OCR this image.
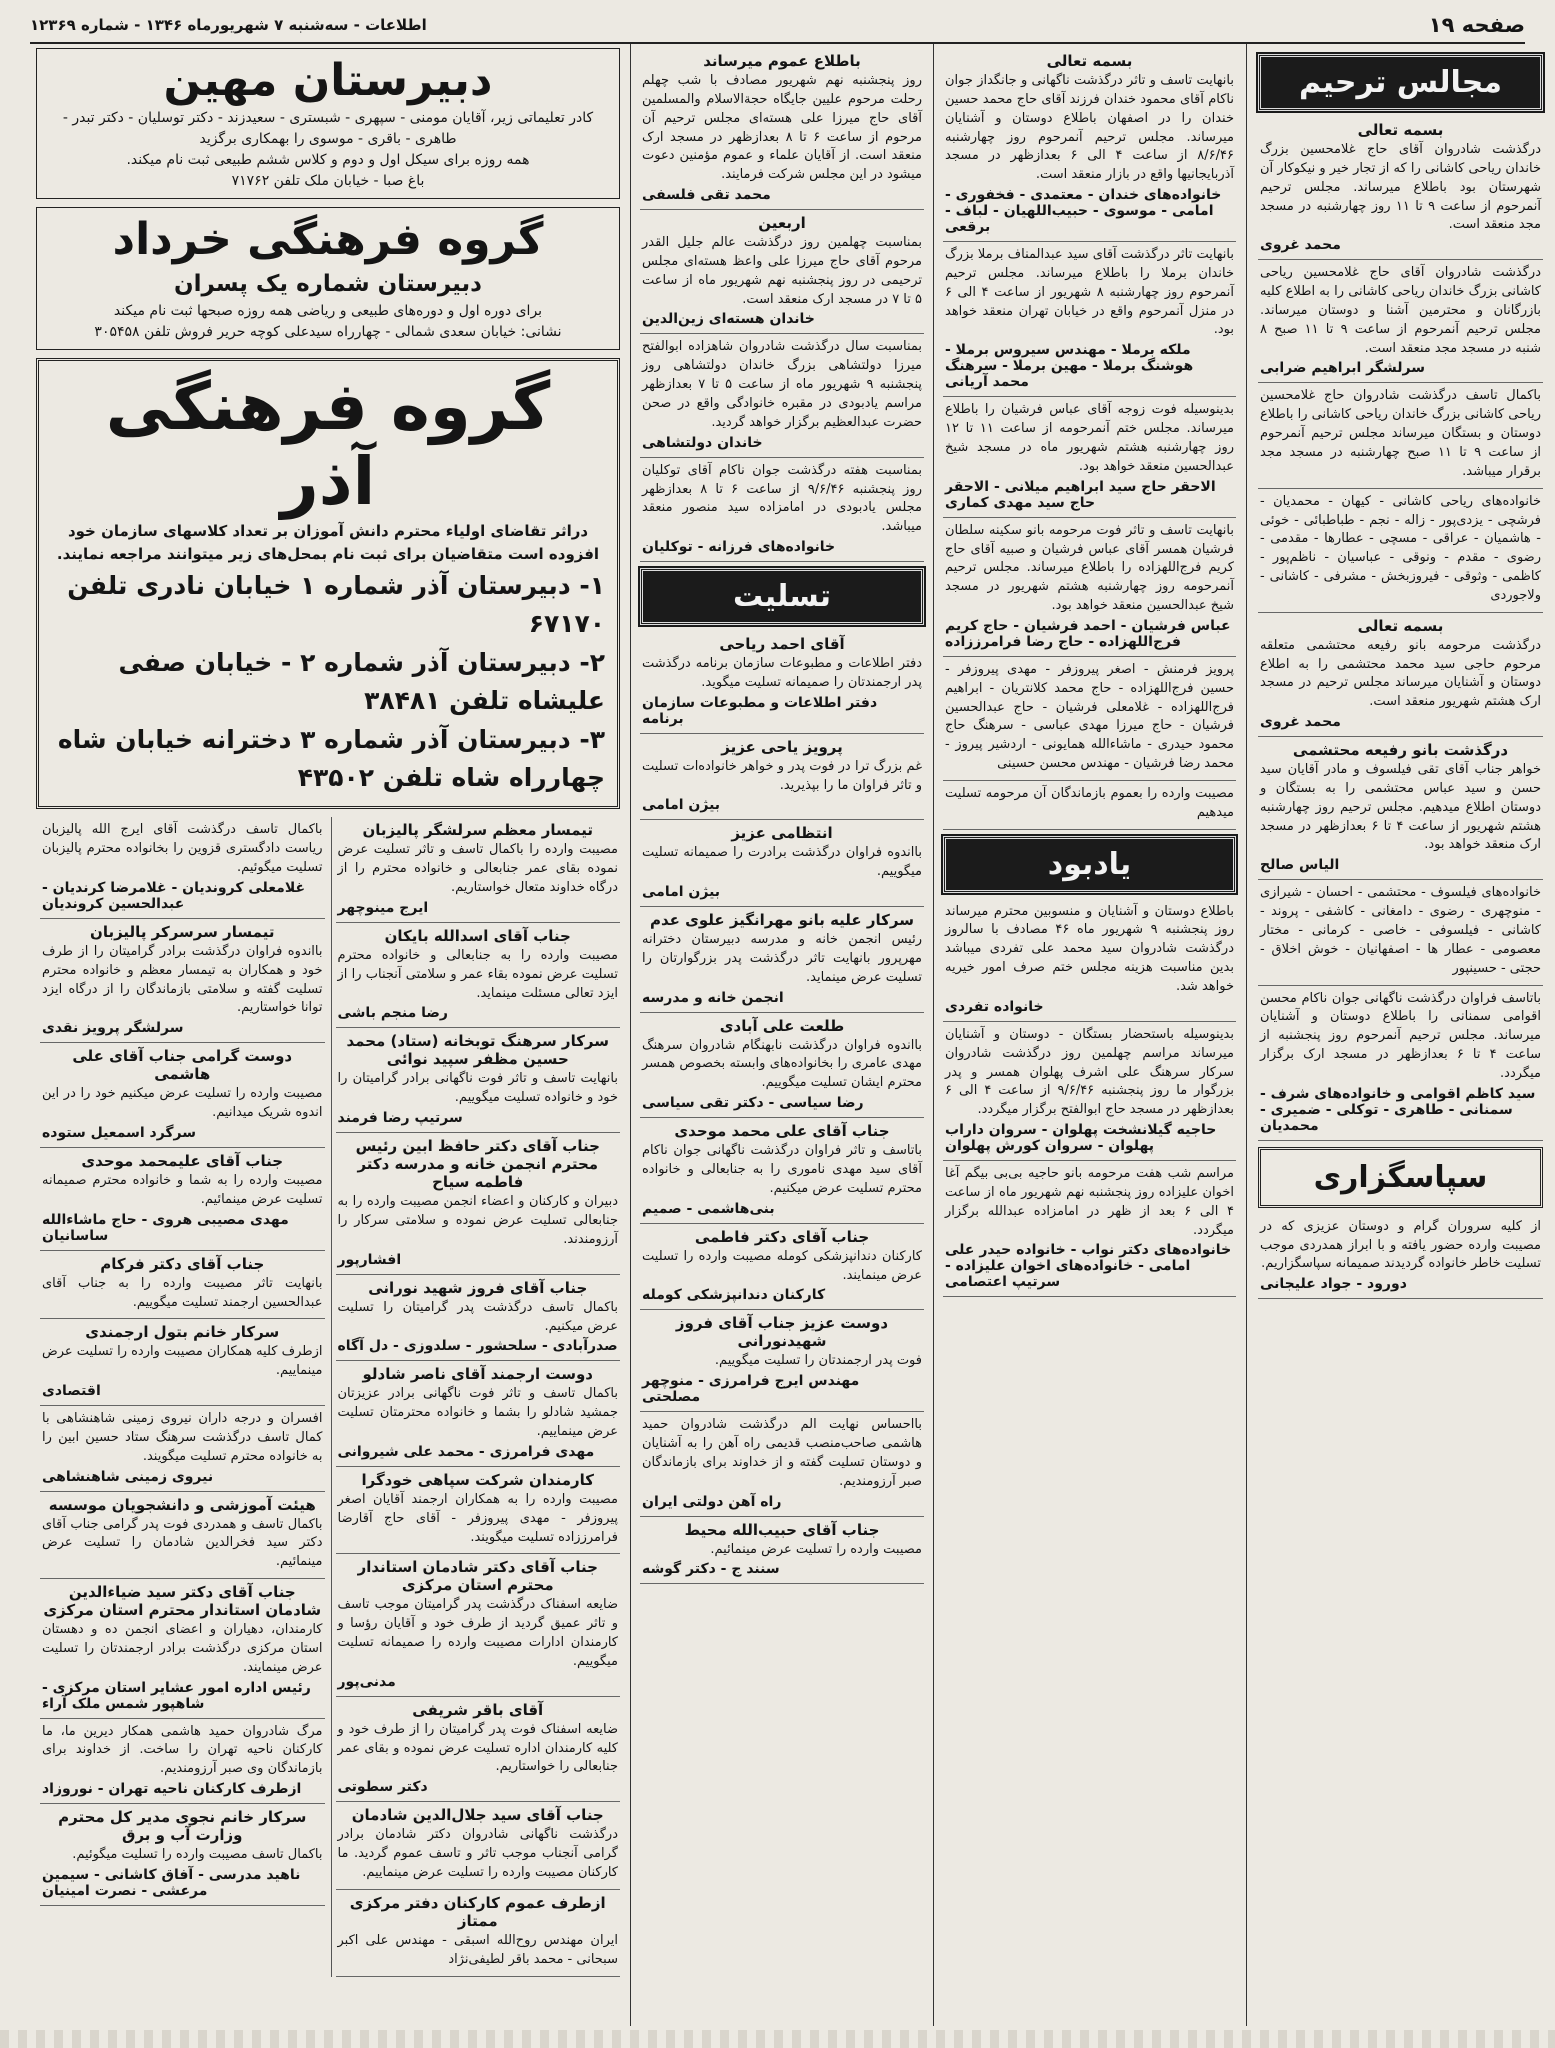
صفحه ۱۹
اطلاعات - سه‌شنبه ۷ شهریورماه ۱۳۴۶ - شماره ۱۲۳۶۹
مجالس ترحیم

بسمه تعالی

درگذشت شادروان آقای حاج غلامحسین بزرگ خاندان ریاحی کاشانی را که از تجار خیر و نیکوکار آن شهرستان بود باطلاع میرساند. مجلس ترحیم آنمرحوم از ساعت ۹ تا ۱۱ روز چهارشنبه در مسجد مجد منعقد است.

محمد غروی

درگذشت شادروان آقای حاج غلامحسین ریاحی کاشانی بزرگ خاندان ریاحی کاشانی را به اطلاع کلیه بازرگانان و محترمین آشنا و دوستان میرساند. مجلس ترحیم آنمرحوم از ساعت ۹ تا ۱۱ صبح ۸ شنبه در مسجد مجد منعقد است.

سرلشگر ابراهیم ضرابی

باکمال تاسف درگذشت شادروان حاج غلامحسین ریاحی کاشانی بزرگ خاندان ریاحی کاشانی را باطلاع دوستان و بستگان میرساند مجلس ترحیم آنمرحوم از ساعت ۹ تا ۱۱ صبح چهارشنبه در مسجد مجد برقرار میباشد.

خانواده‌های ریاحی کاشانی - کیهان - محمدیان - فرشچی - یزدی‌پور - زاله - نجم - طباطبائی - خوئی - هاشمیان - عراقی - مسچی - عطارها - مقدمی - رضوی - مقدم - ونوقی - عباسیان - ناظم‌پور - کاظمی - وثوقی - فیروزبخش - مشرفی - کاشانی - ولاجوردی

بسمه تعالی

درگذشت مرحومه بانو رفیعه محتشمی متعلقه مرحوم حاجی سید محمد محتشمی را به اطلاع دوستان و آشنایان میرساند مجلس ترحیم در مسجد ارک هشتم شهریور منعقد است.

محمد غروی

درگذشت بانو رفیعه محتشمی

خواهر جناب آقای تقی فیلسوف و مادر آقایان سید حسن و سید عباس محتشمی را به بستگان و دوستان اطلاع میدهیم. مجلس ترحیم روز چهارشنبه هشتم شهریور از ساعت ۴ تا ۶ بعدازظهر در مسجد ارک منعقد خواهد بود.

الیاس صالح

خانواده‌های فیلسوف - محتشمی - احسان - شیرازی - منوچهری - رضوی - دامغانی - کاشفی - پروند - کاشانی - فیلسوفی - خاصی - کرمانی - مختار معصومی - عطار ها - اصفهانیان - خوش اخلاق - حجتی - حسینپور

باتاسف فراوان درگذشت ناگهانی جوان ناکام محسن اقوامی سمنانی را باطلاع دوستان و آشنایان میرساند. مجلس ترحیم آنمرحوم روز پنجشنبه از ساعت ۴ تا ۶ بعدازظهر در مسجد ارک برگزار میگردد.

سید کاظم اقوامی و خانواده‌های شرف - سمنانی - طاهری - توکلی - ضمیری - محمدیان

سپاسگزاری

از کلیه سروران گرام و دوستان عزیزی که در مصیبت وارده حضور یافته و با ابراز همدردی موجب تسلیت خاطر خانواده گردیدند صمیمانه سپاسگزاریم.

دورود - جواد علیجانی

بسمه تعالی

بانهایت تاسف و تاثر درگذشت ناگهانی و جانگداز جوان ناکام آقای محمود خندان فرزند آقای حاج محمد حسین خندان را در اصفهان باطلاع دوستان و آشنایان میرساند. مجلس ترحیم آنمرحوم روز چهارشنبه ۸/۶/۴۶ از ساعت ۴ الی ۶ بعدازظهر در مسجد آذربایجانیها واقع در بازار منعقد است.

خانواده‌های خندان - معتمدی - فخفوری - امامی - موسوی - حبیب‌اللهیان - لباف - برقعی

بانهایت تاثر درگذشت آقای سید عبدالمناف برملا بزرگ خاندان برملا را باطلاع میرساند. مجلس ترحیم آنمرحوم روز چهارشنبه ۸ شهریور از ساعت ۴ الی ۶ در منزل آنمرحوم واقع در خیابان تهران منعقد خواهد بود.

ملکه برملا - مهندس سیروس برملا - هوشنگ برملا - مهین برملا - سرهنگ محمد آریانی

بدینوسیله فوت زوجه آقای عباس فرشیان را باطلاع میرساند. مجلس ختم آنمرحومه از ساعت ۱۱ تا ۱۲ روز چهارشنبه هشتم شهریور ماه در مسجد شیخ عبدالحسین منعقد خواهد بود.

الاحقر حاج سید ابراهیم میلانی - الاحقر حاج سید مهدی کماری

بانهایت تاسف و تاثر فوت مرحومه بانو سکینه سلطان فرشیان همسر آقای عباس فرشیان و صبیه آقای حاج کریم فرج‌اللهزاده را باطلاع میرساند. مجلس ترحیم آنمرحومه روز چهارشنبه هشتم شهریور در مسجد شیخ عبدالحسین منعقد خواهد بود.

عباس فرشیان - احمد فرشیان - حاج کریم فرج‌اللهزاده - حاج رضا فرامرززاده

پرویز فرمنش - اصغر پیروزفر - مهدی پیروزفر - حسین فرج‌اللهزاده - حاج محمد کلانتریان - ابراهیم فرج‌اللهزاده - غلامعلی فرشیان - حاج عبدالحسین فرشیان - حاج میرزا مهدی عباسی - سرهنگ حاج محمود حیدری - ماشاءالله همایونی - اردشیر پیروز - محمد رضا فرشیان - مهندس محسن حسینی

مصیبت وارده را بعموم بازماندگان آن مرحومه تسلیت میدهیم

یادبود

باطلاع دوستان و آشنایان و منسوبین محترم میرساند روز پنجشنبه ۹ شهریور ماه ۴۶ مصادف با سالروز درگذشت شادروان سید محمد علی تفردی میباشد بدین مناسبت هزینه مجلس ختم صرف امور خیریه خواهد شد.

خانواده تفردی

بدینوسیله باستحضار بستگان - دوستان و آشنایان میرساند مراسم چهلمین روز درگذشت شادروان سرکار سرهنگ علی اشرف پهلوان همسر و پدر بزرگوار ما روز پنجشنبه ۹/۶/۴۶ از ساعت ۴ الی ۶ بعدازظهر در مسجد حاج ابوالفتح برگزار میگردد.

حاجیه گیلانشخت پهلوان - سروان داراب پهلوان - سروان کورش پهلوان

مراسم شب هفت مرحومه بانو حاجیه بی‌بی بیگم آغا اخوان علیزاده روز پنجشنبه نهم شهریور ماه از ساعت ۴ الی ۶ بعد از ظهر در امامزاده عبدالله برگزار میگردد.

خانواده‌های دکتر نواب - خانواده حیدر علی امامی - خانواده‌های اخوان علیزاده - سرتیپ اعتصامی

باطلاع عموم میرساند

روز پنجشنبه نهم شهریور مصادف با شب چهلم رحلت مرحوم علیین جایگاه حجة‌الاسلام والمسلمین آقای حاج میرزا علی هسته‌ای مجلس ترحیم آن مرحوم از ساعت ۶ تا ۸ بعدازظهر در مسجد ارک منعقد است. از آقایان علماء و عموم مؤمنین دعوت میشود در این مجلس شرکت فرمایند.

محمد تقی فلسفی

اربعین

بمناسبت چهلمین روز درگذشت عالم جلیل القدر مرحوم آقای حاج میرزا علی واعظ هسته‌ای مجلس ترحیمی در روز پنجشنبه نهم شهریور ماه از ساعت ۵ تا ۷ در مسجد ارک منعقد است.

خاندان هسته‌ای زین‌الدین

بمناسبت سال درگذشت شادروان شاهزاده ابوالفتح میرزا دولتشاهی بزرگ خاندان دولتشاهی روز پنجشنبه ۹ شهریور ماه از ساعت ۵ تا ۷ بعدازظهر مراسم یادبودی در مقبره خانوادگی واقع در صحن حضرت عبدالعظیم برگزار خواهد گردید.

خاندان دولتشاهی

بمناسبت هفته درگذشت جوان ناکام آقای توکلیان روز پنجشنبه ۹/۶/۴۶ از ساعت ۶ تا ۸ بعدازظهر مجلس یادبودی در امامزاده سید منصور منعقد میباشد.

خانواده‌های فرزانه - توکلیان

تسلیت

آقای احمد ریاحی

دفتر اطلاعات و مطبوعات سازمان برنامه درگذشت پدر ارجمندتان را صمیمانه تسلیت میگوید.

دفتر اطلاعات و مطبوعات سازمان برنامه

پرویز یاحی عزیز

غم بزرگ ترا در فوت پدر و خواهر خانواده‌ات تسلیت و تاثر فراوان ما را بپذیرید.

بیژن امامی

انتظامی عزیز

بااندوه فراوان درگذشت برادرت را صمیمانه تسلیت میگوییم.

بیژن امامی

سرکار علیه بانو مهرانگیز علوی عدم

رئیس انجمن خانه و مدرسه دبیرستان دخترانه مهرپرور بانهایت تاثر درگذشت پدر بزرگوارتان را تسلیت عرض مینماید.

انجمن خانه و مدرسه

طلعت علی آبادی

بااندوه فراوان درگذشت نابهنگام شادروان سرهنگ مهدی عامری را بخانواده‌های وابسته بخصوص همسر محترم ایشان تسلیت میگوییم.

رضا سیاسی - دکتر تقی سیاسی

جناب آقای علی محمد موحدی

باتاسف و تاثر فراوان درگذشت ناگهانی جوان ناکام آقای سید مهدی ناموری را به جنابعالی و خانواده محترم تسلیت عرض میکنیم.

بنی‌هاشمی - صمیم

جناب آقای دکتر فاطمی

کارکنان دندانپزشکی کومله مصیبت وارده را تسلیت عرض مینمایند.

کارکنان دندانپزشکی کومله

دوست عزیز جناب آقای فروز شهیدنورانی

فوت پدر ارجمندتان را تسلیت میگوییم.

مهندس ایرج فرامرزی - منوچهر مصلحتی

بااحساس نهایت الم درگذشت شادروان حمید هاشمی صاحب‌منصب قدیمی راه آهن را به آشنایان و دوستان تسلیت گفته و از خداوند برای بازماندگان صبر آرزومندیم.

راه آهن دولتی ایران

جناب آقای حبیب‌الله محیط

مصیبت وارده را تسلیت عرض مینمائیم.

سنند ج - دکتر گوشه

دبیرستان مهین

کادر تعلیماتی زیر، آقایان مومنی - سپهری - شبستری - سعیدزند - دکتر توسلیان - دکتر تبدر - طاهری - باقری - موسوی را بهمکاری برگزید

همه روزه برای سیکل اول و دوم و کلاس ششم طبیعی ثبت نام میکند.

باغ صبا - خیابان ملک تلفن ۷۱۷۶۲

گروه فرهنگی خرداد
دبیرستان شماره یک پسران

برای دوره اول و دوره‌های طبیعی و ریاضی همه روزه صبحها ثبت نام میکند

نشانی: خیابان سعدی شمالی - چهارراه سیدعلی کوچه حریر فروش تلفن ۳۰۵۴۵۸

گروه فرهنگی آذر

دراثر تقاضای اولیاء محترم دانش آموزان بر تعداد کلاسهای سازمان خود افزوده است متقاضیان برای ثبت نام بمحل‌های زیر میتوانند مراجعه نمایند.

۱- دبیرستان آذر شماره ۱ خیابان نادری تلفن ۶۷۱۷۰

۲- دبیرستان آذر شماره ۲ - خیابان صفی علیشاه تلفن ۳۸۴۸۱

۳- دبیرستان آذر شماره ۳ دخترانه خیابان شاه چهارراه شاه تلفن ۴۳۵۰۲

تیمسار معظم سرلشگر پالیزبان

مصیبت وارده را باکمال تاسف و تاثر تسلیت عرض نموده بقای عمر جنابعالی و خانواده محترم را از درگاه خداوند متعال خواستاریم.

ایرج مینوچهر

جناب آقای اسدالله بایکان

مصیبت وارده را به جنابعالی و خانواده محترم تسلیت عرض نموده بقاء عمر و سلامتی آنجناب را از ایزد تعالی مسئلت مینماید.

رضا منجم باشی

سرکار سرهنگ توبخانه (ستاد) محمد حسین مظفر سپید نوائی

بانهایت تاسف و تاثر فوت ناگهانی برادر گرامیتان را خود و خانواده تسلیت میگوییم.

سرتیپ رضا فرمند

جناب آقای دکتر حافظ ابین رئیس محترم انجمن خانه و مدرسه دکتر فاطمه سیاح

دبیران و کارکنان و اعضاء انجمن مصیبت وارده را به جنابعالی تسلیت عرض نموده و سلامتی سرکار را آرزومندند.

افشارپور

جناب آقای فروز شهید نورانی

باکمال تاسف درگذشت پدر گرامیتان را تسلیت عرض میکنیم.

صدرآبادی - سلحشور - سلدوزی - دل آگاه

دوست ارجمند آقای ناصر شادلو

باکمال تاسف و تاثر فوت ناگهانی برادر عزیزتان جمشید شادلو را بشما و خانواده محترمتان تسلیت عرض مینماییم.

مهدی فرامرزی - محمد علی شیروانی

کارمندان شرکت سپاهی خودگرا

مصیبت وارده را به همکاران ارجمند آقایان اصغر پیروزفر - مهدی پیروزفر - آقای حاج آقارضا فرامرززاده تسلیت میگویند.

جناب آقای دکتر شادمان استاندار محترم استان مرکزی

ضایعه اسفناک درگذشت پدر گرامیتان موجب تاسف و تاثر عمیق گردید از طرف خود و آقایان رؤسا و کارمندان ادارات مصیبت وارده را صمیمانه تسلیت میگوییم.

مدنی‌پور

آقای باقر شریفی

ضایعه اسفناک فوت پدر گرامیتان را از طرف خود و کلیه کارمندان اداره تسلیت عرض نموده و بقای عمر جنابعالی را خواستاریم.

دکتر سطوتی

جناب آقای سید جلال‌الدین شادمان

درگذشت ناگهانی شادروان دکتر شادمان برادر گرامی آنجناب موجب تاثر و تاسف عموم گردید. ما کارکنان مصیبت وارده را تسلیت عرض مینماییم.

ازطرف عموم کارکنان دفتر مرکزی ممتاز

ایران مهندس روح‌الله اسبقی - مهندس علی اکبر سبحانی - محمد باقر لطیفی‌نژاد

باکمال تاسف درگذشت آقای ایرج الله پالیزبان ریاست دادگستری قزوین را بخانواده محترم پالیزبان تسلیت میگوئیم.

غلامعلی کروندیان - غلامرضا کرندیان - عبدالحسین کروندیان

تیمسار سرسرکر پالیزبان

بااندوه فراوان درگذشت برادر گرامیتان را از طرف خود و همکاران به تیمسار معظم و خانواده محترم تسلیت گفته و سلامتی بازماندگان را از درگاه ایزد توانا خواستاریم.

سرلشگر پرویز نقدی

دوست گرامی جناب آقای علی هاشمی

مصیبت وارده را تسلیت عرض میکنیم خود را در این اندوه شریک میدانیم.

سرگرد اسمعیل ستوده

جناب آقای علیمحمد موحدی

مصیبت وارده را به شما و خانواده محترم صمیمانه تسلیت عرض مینمائیم.

مهدی مصیبی هروی - حاج ماشاءالله ساسانیان

جناب آقای دکتر فرکام

بانهایت تاثر مصیبت وارده را به جناب آقای عبدالحسین ارجمند تسلیت میگوییم.

سرکار خانم بتول ارجمندی

ازطرف کلیه همکاران مصیبت وارده را تسلیت عرض مینماییم.

اقتصادی

افسران و درجه داران نیروی زمینی شاهنشاهی با کمال تاسف درگذشت سرهنگ ستاد حسین ابین را به خانواده محترم تسلیت میگویند.

نیروی زمینی شاهنشاهی

هیئت آموزشی و دانشجویان موسسه

باکمال تاسف و همدردی فوت پدر گرامی جناب آقای دکتر سید فخرالدین شادمان را تسلیت عرض مینمائیم.

جناب آقای دکتر سید ضیاءالدین شادمان استاندار محترم استان مرکزی

کارمندان، دهیاران و اعضای انجمن ده و دهستان استان مرکزی درگذشت برادر ارجمندتان را تسلیت عرض مینمایند.

رئیس اداره امور عشایر استان مرکزی - شاهپور شمس ملک آراء

مرگ شادروان حمید هاشمی همکار دیرین ما، ما کارکنان ناحیه تهران را ساخت. از خداوند برای بازماندگان وی صبر آرزومندیم.

ازطرف کارکنان ناحیه تهران - نوروزاد

سرکار خانم نجوی مدیر کل محترم وزارت آب و برق

باکمال تاسف مصیبت وارده را تسلیت میگوئیم.

ناهید مدرسی - آفاق کاشانی - سیمین مرعشی - نصرت امینیان
